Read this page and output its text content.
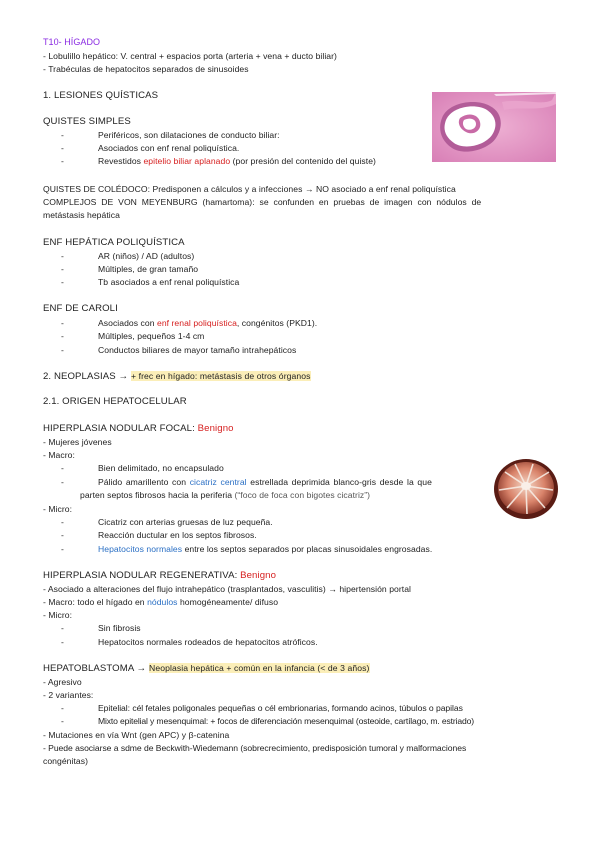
T10- HÍGADO
- Lobulillo hepático: V. central + espacios porta (arteria + vena + ducto biliar)
- Trabéculas de hepatocitos separados de sinusoides
1. LESIONES QUÍSTICAS
QUISTES SIMPLES
-	Periféricos, son dilataciones de conducto biliar:
-	Asociados con enf renal poliquística.
-	Revestidos epitelio biliar aplanado (por presión del contenido del quiste)
QUISTES DE COLÉDOCO: Predisponen a cálculos y a infecciones → NO asociado a enf renal poliquística
COMPLEJOS DE VON MEYENBURG (hamartoma): se confunden en pruebas de imagen con nódulos de
metástasis hepática
ENF HEPÁTICA POLIQUÍSTICA
-	AR (niños) / AD (adultos)
-	Múltiples, de gran tamaño
-	Tb asociados a enf renal poliquística
ENF DE CAROLI
-	Asociados con enf renal poliquística, congénitos (PKD1).
-	Múltiples, pequeños 1-4 cm
-	Conductos biliares de mayor tamaño intrahepáticos
2. NEOPLASIAS → + frec en hígado: metástasis de otros órganos
2.1. ORIGEN HEPATOCELULAR
HIPERPLASIA NODULAR FOCAL: Benigno
- Mujeres jóvenes
- Macro:
-	Bien delimitado, no encapsulado
-	Pálido amarillento con cicatriz central estrellada deprimida blanco-gris desde la que
parten septos fibrosos hacia la periferia (“foco de foca con bigotes cicatriz”)
- Micro:
-	Cicatriz con arterias gruesas de luz pequeña.
-	Reacción ductular en los septos fibrosos.
-	Hepatocitos normales entre los septos separados por placas sinusoidales engrosadas.
HIPERPLASIA NODULAR REGENERATIVA: Benigno
- Asociado a alteraciones del flujo intrahepático (trasplantados, vasculitis) → hipertensión portal
- Macro: todo el hígado en nódulos homogéneamente/ difuso
- Micro:
-	Sin fibrosis
-	Hepatocitos normales rodeados de hepatocitos atróficos.
HEPATOBLASTOMA → Neoplasia hepática + común en la infancia (< de 3 años)
- Agresivo
- 2 variantes:
-	Epitelial: cél fetales poligonales pequeñas o cél embrionarias, formando acinos, túbulos o papilas
-	Mixto epitelial y mesenquimal: + focos de diferenciación mesenquimal (osteoide, cartílago, m. estriado)
- Mutaciones en vía Wnt (gen APC) y β-catenina
- Puede asociarse a sdme de Beckwith-Wiedemann (sobrecrecimiento, predisposición tumoral y malformaciones
congénitas)
